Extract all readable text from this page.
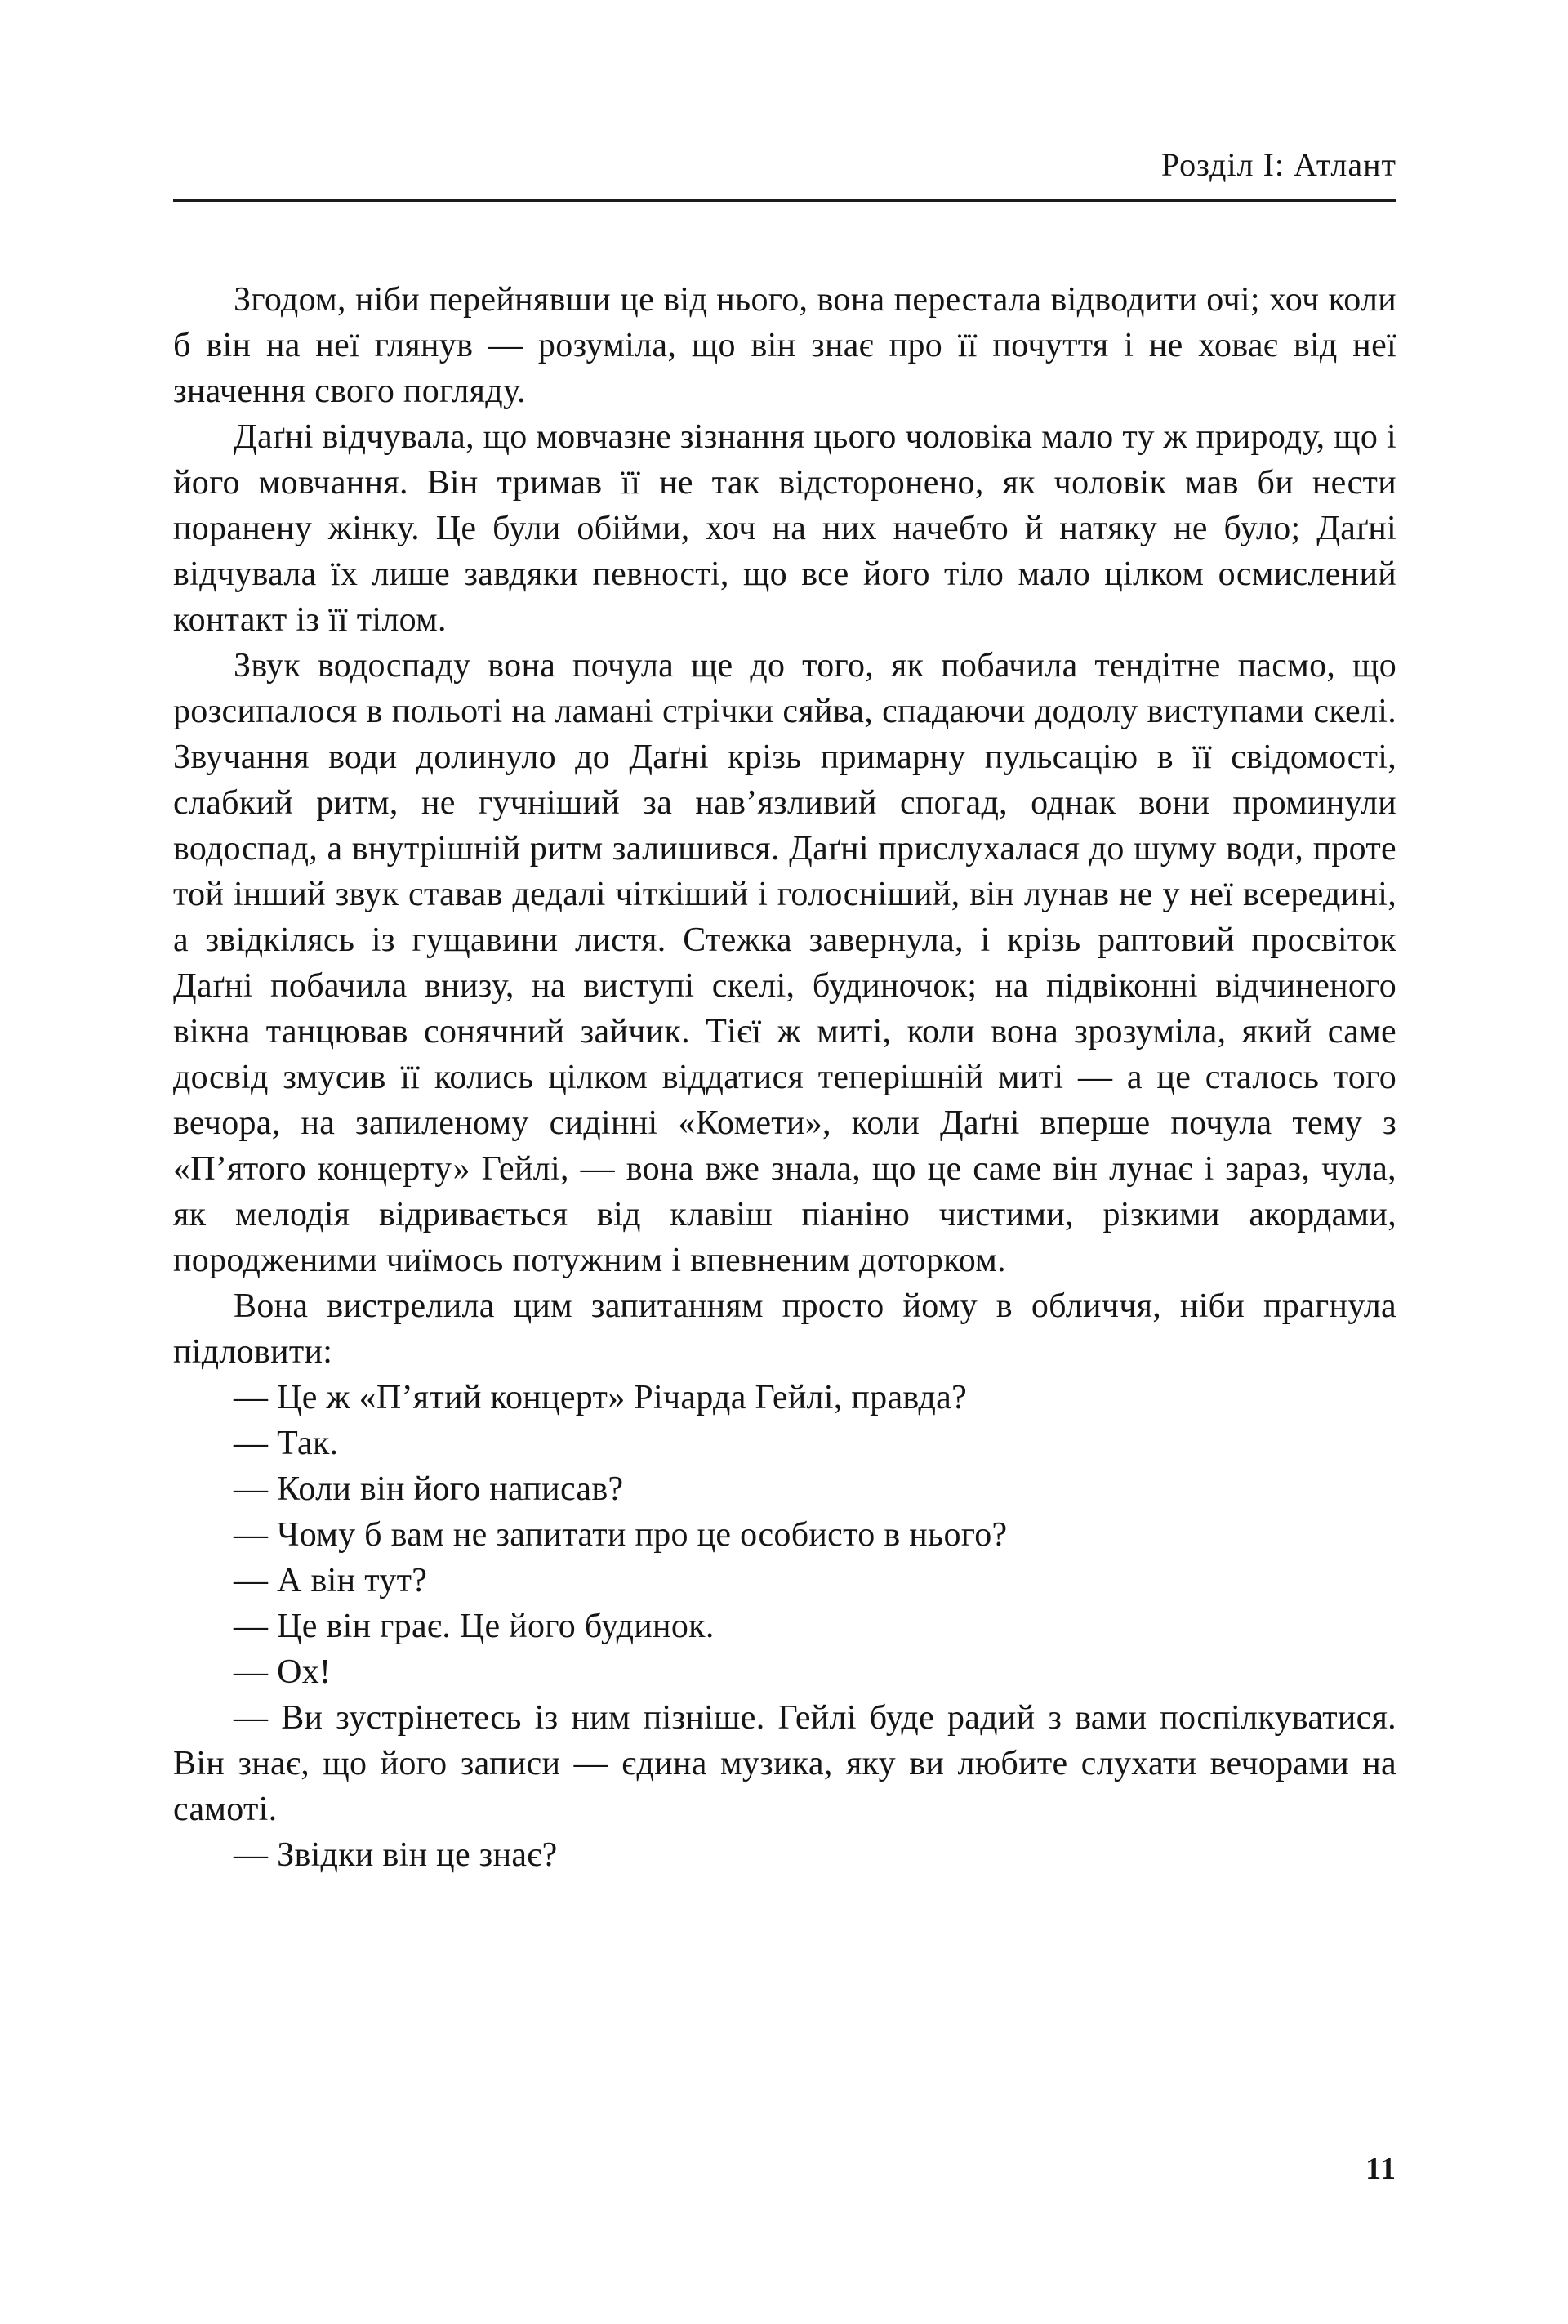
Розділ І: Атлант

Згодом, ніби перейнявши це від нього, вона перестала відводити очі; хоч коли б він на неї глянув — розуміла, що він знає про її почуття і не ховає від неї значення свого погляду.

Даґні відчувала, що мовчазне зізнання цього чоловіка мало ту ж природу, що і його мовчання. Він тримав її не так відсторонено, як чоловік мав би нести поранену жінку. Це були обійми, хоч на них начебто й натяку не було; Даґні відчувала їх лише завдяки певності, що все його тіло мало цілком осмислений контакт із її тілом.

Звук водоспаду вона почула ще до того, як побачила тендітне пасмо, що розсипалося в польоті на ламані стрічки сяйва, спадаючи додолу виступами скелі. Звучання води долинуло до Даґні крізь примарну пульсацію в її свідомості, слабкий ритм, не гучніший за нав’язливий спогад, однак вони проминули водоспад, а внутрішній ритм залишився. Даґні прислухалася до шуму води, проте той інший звук ставав дедалі чіткіший і голосніший, він лунав не у неї всередині, а звідкілясь із гущавини листя. Стежка завернула, і крізь раптовий просвіток Даґні побачила внизу, на виступі скелі, будиночок; на підвіконні відчиненого вікна танцював сонячний зайчик. Тієї ж миті, коли вона зрозуміла, який саме досвід змусив її колись цілком віддатися теперішній миті — а це сталось того вечора, на запиленому сидінні «Комети», коли Даґні вперше почула тему з «П’ятого концерту» Гейлі, — вона вже знала, що це саме він лунає і зараз, чула, як мелодія відривається від клавіш піаніно чистими, різкими акордами, породженими чиїмось потужним і впевненим доторком.

Вона вистрелила цим запитанням просто йому в обличчя, ніби прагнула підловити:

— Це ж «П’ятий концерт» Річарда Гейлі, правда?

— Так.

— Коли він його написав?

— Чому б вам не запитати про це особисто в нього?

— А він тут?

— Це він грає. Це його будинок.

— Ох!

— Ви зустрінетесь із ним пізніше. Гейлі буде радий з вами поспілкуватися. Він знає, що його записи — єдина музика, яку ви любите слухати вечорами на самоті.

— Звідки він це знає?

11
